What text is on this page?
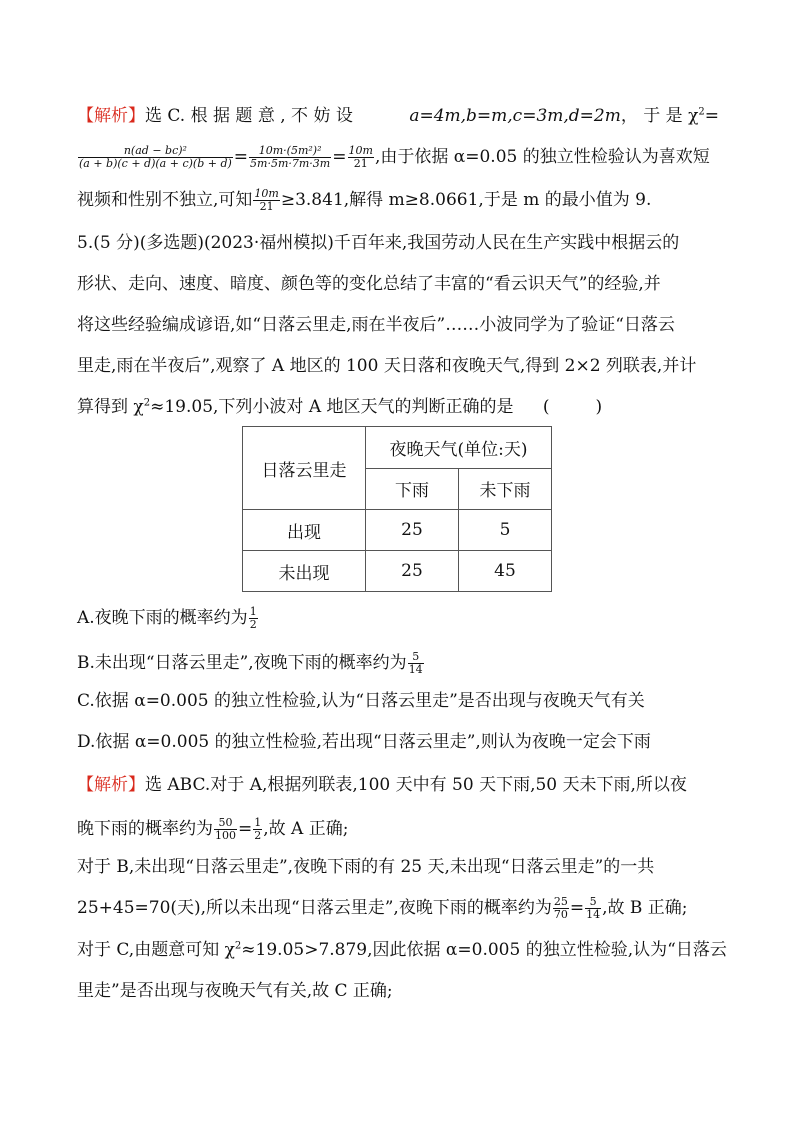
【解析】选 C. 根 据 题 意 , 不 妨 设	a=4m,b=m,c=3m,d=2m， 于 是 $\chi^2=$
$\frac{\text{n(ad − bc)²}}{(a + b)(c + d)(a + c)(b + d)} = \frac{\text{10m·(5m²)²}}{5m\cdot 5m\cdot 7m\cdot 3m} = \frac{10m}{21}$ ,由于依据 α=0.05 的独立性检验认为喜欢短
视频和性别不独立,可知 $\frac{10m}{21} \ge 3.841$,解得 m≥8.0661,于是 m 的最小值为 9.
5.(5 分)(多选题)(2023·福州模拟)千百年来,我国劳动人民在生产实践中根据云的
形状、走向、速度、暗度、颜色等的变化总结了丰富的“看云识天气”的经验,并
将这些经验编成谚语,如“日落云里走,雨在半夜后”……小波同学为了验证“日落云
里走,雨在半夜后”,观察了 A 地区的 100 天日落和夜晚天气,得到 2×2 列联表,并计
算得到 $\chi^2\approx 19.05$,下列小波对 A 地区天气的判断正确的是 (	)
日落云里走	夜晚天气(单位:天)	
	下雨	未下雨
出现	25	5
未出现	25	45
A.夜晚下雨的概率约为 $\frac{1}{2}$
B.未出现“日落云里走”,夜晚下雨的概率约为 $\frac{5}{14}$
C.依据 α=0.005 的独立性检验,认为“日落云里走”是否出现与夜晚天气有关
D.依据 α=0.005 的独立性检验,若出现“日落云里走”,则认为夜晚一定会下雨
【解析】选 ABC.对于 A,根据列联表,100 天中有 50 天下雨,50 天未下雨,所以夜
晚下雨的概率约为 $\frac{50}{100} = \frac{1}{2}$ ,故 A 正确;
对于 B,未出现“日落云里走”,夜晚下雨的有 25 天,未出现“日落云里走”的一共
25+45=70(天),所以未出现“日落云里走”,夜晚下雨的概率约为 $\frac{25}{70} = \frac{5}{14}$ ,故 B 正确;
对于 C,由题意可知 $\chi^2\approx 19.05>7.879$,因此依据 α=0.005 的独立性检验,认为“日落云
里走”是否出现与夜晚天气有关,故 C 正确;
